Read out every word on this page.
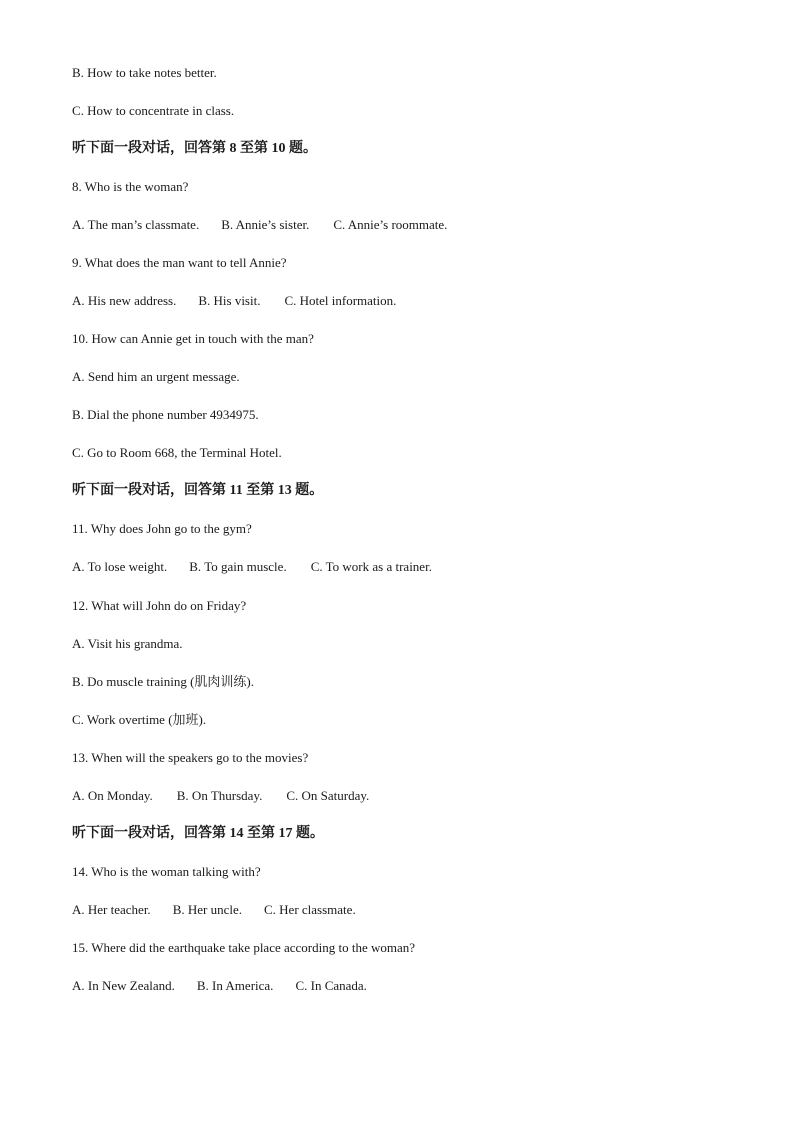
B. How to take notes better.
C. How to concentrate in class.
听下面一段对话，回答第 8 至第 10 题。
8. Who is the woman?
A. The man’s classmate. B. Annie’s sister. C. Annie’s roommate.
9. What does the man want to tell Annie?
A. His new address. B. His visit. C. Hotel information.
10. How can Annie get in touch with the man?
A. Send him an urgent message.
B. Dial the phone number 4934975.
C. Go to Room 668, the Terminal Hotel.
听下面一段对话，回答第 11 至第 13 题。
11. Why does John go to the gym?
A. To lose weight. B. To gain muscle. C. To work as a trainer.
12. What will John do on Friday?
A. Visit his grandma.
B. Do muscle training (肌肉训练).
C. Work overtime (加班).
13. When will the speakers go to the movies?
A. On Monday. B. On Thursday. C. On Saturday.
听下面一段对话，回答第 14 至第 17 题。
14. Who is the woman talking with?
A. Her teacher. B. Her uncle. C. Her classmate.
15. Where did the earthquake take place according to the woman?
A. In New Zealand. B. In America. C. In Canada.
